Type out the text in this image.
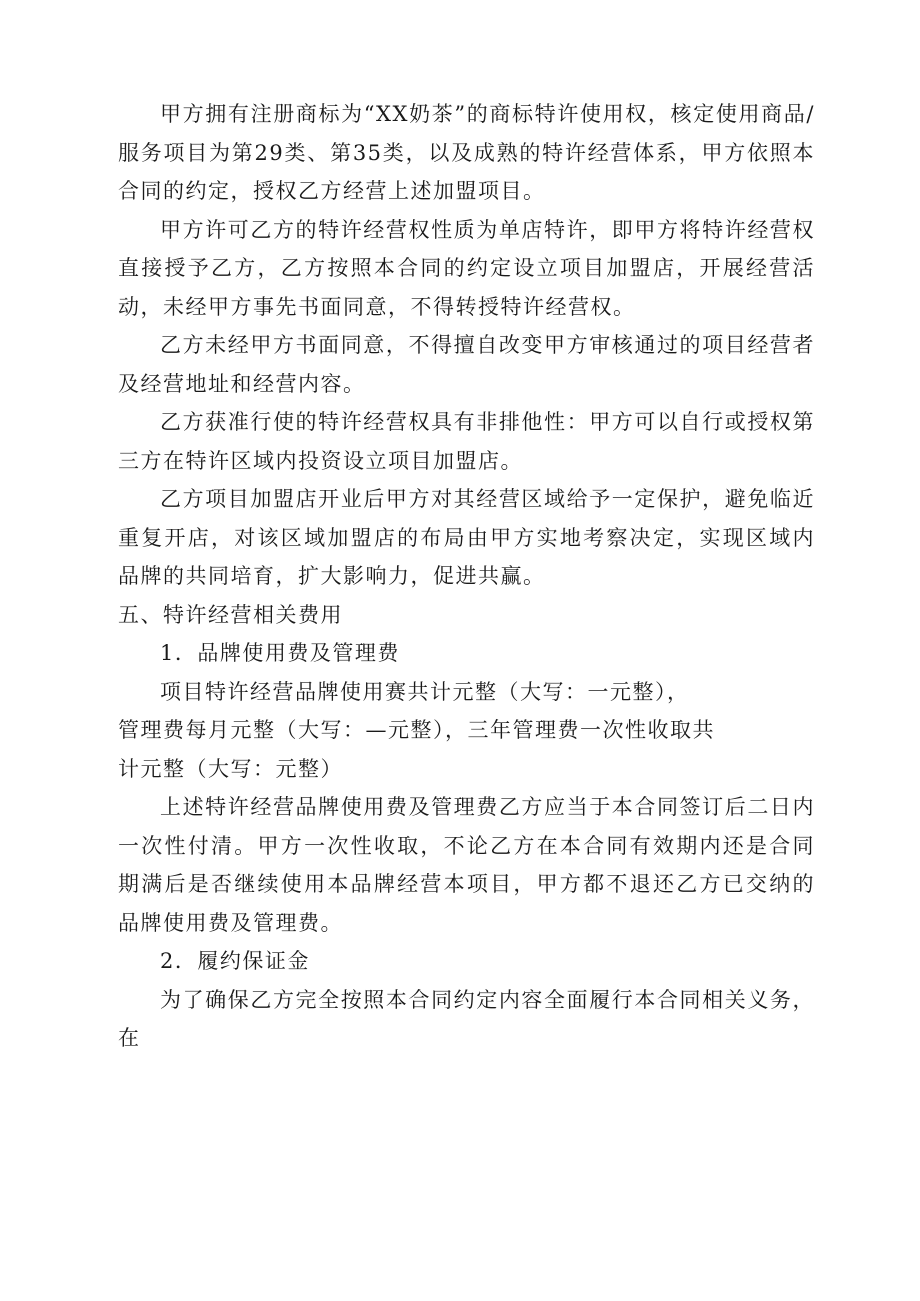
甲方拥有注册商标为“XX奶茶”的商标特许使用权，核定使用商品/服务项目为第29类、第35类，以及成熟的特许经营体系，甲方依照本合同的约定，授权乙方经营上述加盟项目。

甲方许可乙方的特许经营权性质为单店特许，即甲方将特许经营权直接授予乙方，乙方按照本合同的约定设立项目加盟店，开展经营活动，未经甲方事先书面同意，不得转授特许经营权。

乙方未经甲方书面同意，不得擅自改变甲方审核通过的项目经营者及经营地址和经营内容。

乙方获准行使的特许经营权具有非排他性：甲方可以自行或授权第三方在特许区域内投资设立项目加盟店。

乙方项目加盟店开业后甲方对其经营区域给予一定保护，避免临近重复开店，对该区域加盟店的布局由甲方实地考察决定，实现区域内品牌的共同培育，扩大影响力，促进共赢。

五、特许经营相关费用

1．品牌使用费及管理费

项目特许经营品牌使用赛共计元整（大写：一元整），

管理费每月元整（大写：—元整），三年管理费一次性收取共

计元整（大写：元整）

上述特许经营品牌使用费及管理费乙方应当于本合同签订后二日内一次性付清。甲方一次性收取，不论乙方在本合同有效期内还是合同期满后是否继续使用本品牌经营本项目，甲方都不退还乙方已交纳的品牌使用费及管理费。

2．履约保证金

为了确保乙方完全按照本合同约定内容全面履行本合同相关义务，在
